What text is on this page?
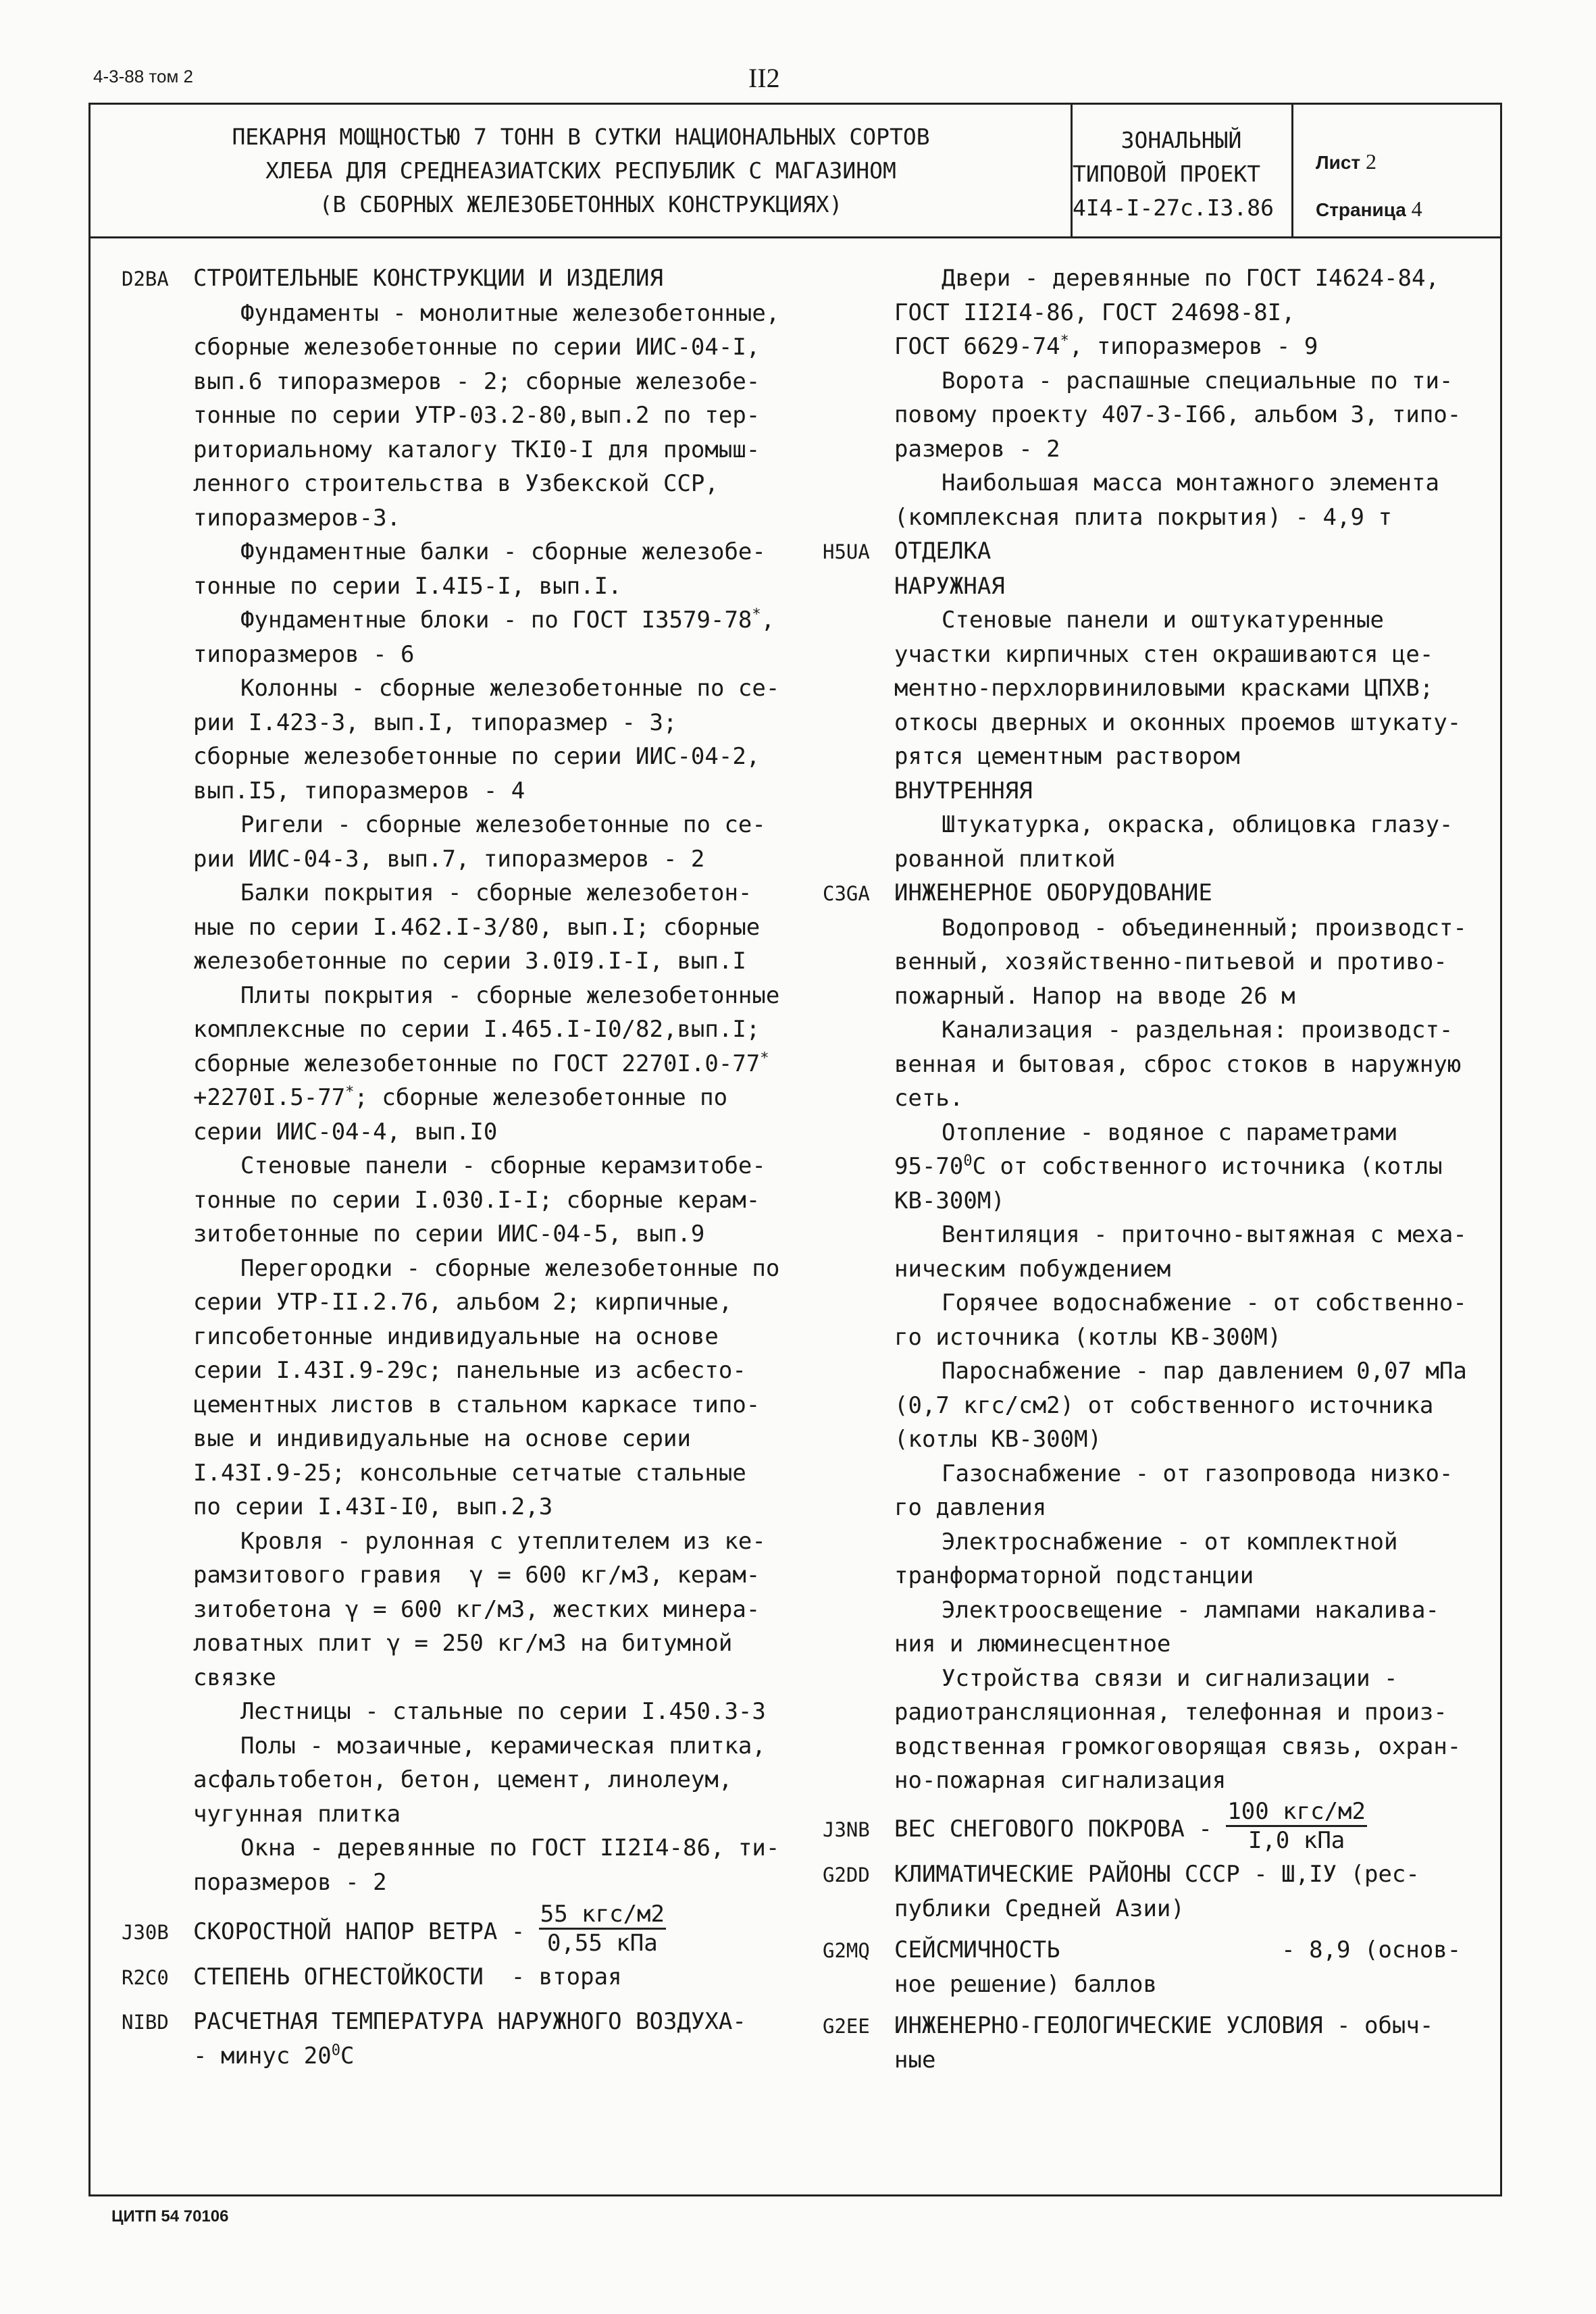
4-3-88 том 2	II2
ПЕКАРНЯ МОЩНОСТЬЮ 7 ТОНН В СУТКИ НАЦИОНАЛЬНЫХ СОРТОВ
ХЛЕБА ДЛЯ СРЕДНЕАЗИАТСКИХ РЕСПУБЛИК С МАГАЗИНОМ
(В СБОРНЫХ ЖЕЛЕЗОБЕТОННЫХ КОНСТРУКЦИЯХ)
ЗОНАЛЬНЫЙ
ТИПОВОЙ ПРОЕКТ
4I4-I-27с.I3.86
Лист 2
Страница 4
D2BA СТРОИТЕЛЬНЫЕ КОНСТРУКЦИИ И ИЗДЕЛИЯ
Фундаменты - монолитные железобетонные,
сборные железобетонные по серии ИИС-04-I,
вып.6 типоразмеров - 2; сборные железобе-
тонные по серии УТР-03.2-80,вып.2 по тер-
риториальному каталогу ТКI0-I для промыш-
ленного строительства в Узбекской ССР,
типоразмеров-3.
Фундаментные балки - сборные железобе-
тонные по серии I.4I5-I, вып.I.
Фундаментные блоки - по ГОСТ I3579-78*,
типоразмеров - 6
Колонны - сборные железобетонные по се-
рии I.423-3, вып.I, типоразмер - 3;
сборные железобетонные по серии ИИС-04-2,
вып.I5, типоразмеров - 4
Ригели - сборные железобетонные по се-
рии ИИС-04-3, вып.7, типоразмеров - 2
Балки покрытия - сборные железобетон-
ные по серии I.462.I-3/80, вып.I; сборные
железобетонные по серии 3.0I9.I-I, вып.I
Плиты покрытия - сборные железобетонные
комплексные по серии I.465.I-I0/82,вып.I;
сборные железобетонные по ГОСТ 2270I.0-77*
+2270I.5-77*; сборные железобетонные по
серии ИИС-04-4, вып.I0
Стеновые панели - сборные керамзитобе-
тонные по серии I.030.I-I; сборные керам-
зитобетонные по серии ИИС-04-5, вып.9
Перегородки - сборные железобетонные по
серии УТР-II.2.76, альбом 2; кирпичные,
гипсобетонные индивидуальные на основе
серии I.43I.9-29с; панельные из асбесто-
цементных листов в стальном каркасе типо-
вые и индивидуальные на основе серии
I.43I.9-25; консольные сетчатые стальные
по серии I.43I-I0, вып.2,3
Кровля - рулонная с утеплителем из ке-
рамзитового гравия  γ = 600 кг/м3, керам-
зитобетона γ = 600 кг/м3, жестких минера-
ловатных плит γ = 250 кг/м3 на битумной
связке
Лестницы - стальные по серии I.450.3-3
Полы - мозаичные, керамическая плитка,
асфальтобетон, бетон, цемент, линолеум,
чугунная плитка
Окна - деревянные по ГОСТ II2I4-86, ти-
поразмеров - 2
J30B СКОРОСТНОЙ НАПОР ВЕТРА - $\frac{\text{55 кгс/м2}}{\text{0,55 кПа}}$
R2C0 СТЕПЕНЬ ОГНЕСТОЙКОСТИ  - вторая
NIBD РАСЧЕТНАЯ ТЕМПЕРАТУРА НАРУЖНОГО ВОЗДУХА-
- минус $20^0С$
Двери - деревянные по ГОСТ I4624-84,
ГОСТ II2I4-86, ГОСТ 24698-8I,
ГОСТ 6629-74*, типоразмеров - 9
Ворота - распашные специальные по ти-
повому проекту 407-3-I66, альбом 3, типо-
размеров - 2
Наибольшая масса монтажного элемента
(комплексная плита покрытия) - 4,9 т
H5UA ОТДЕЛКА
НАРУЖНАЯ
Стеновые панели и оштукатуренные
участки кирпичных стен окрашиваются це-
ментно-перхлорвиниловыми красками ЦПХВ;
откосы дверных и оконных проемов штукату-
рятся цементным раствором
ВНУТРЕННЯЯ
Штукатурка, окраска, облицовка глазу-
рованной плиткой
C3GA ИНЖЕНЕРНОЕ ОБОРУДОВАНИЕ
Водопровод - объединенный; производст-
венный, хозяйственно-питьевой и противо-
пожарный. Напор на вводе 26 м
Канализация - раздельная: производст-
венная и бытовая, сброс стоков в наружную
сеть.
Отопление - водяное с параметрами
$95-70^0С$ от собственного источника (котлы
КВ-300М)
Вентиляция - приточно-вытяжная с меха-
ническим побуждением
Горячее водоснабжение - от собственно-
го источника (котлы КВ-300М)
Пароснабжение - пар давлением 0,07 мПа
(0,7 кгс/см2) от собственного источника
(котлы КВ-300М)
Газоснабжение - от газопровода низко-
го давления
Электроснабжение - от комплектной
транформаторной подстанции
Электроосвещение - лампами накалива-
ния и люминесцентное
Устройства связи и сигнализации -
радиотрансляционная, телефонная и произ-
водственная громкоговорящая связь, охран-
но-пожарная сигнализация
J3NB ВЕС СНЕГОВОГО ПОКРОВА - $\frac{\text{100 кгс/м2}}{\text{I,0 кПа}}$
G2DD КЛИМАТИЧЕСКИЕ РАЙОНЫ СССР - Ш,IУ (рес-
публики Средней Азии)
G2MQ СЕЙСМИЧНОСТЬ                - 8,9 (основ-
ное решение) баллов
G2EE ИНЖЕНЕРНО-ГЕОЛОГИЧЕСКИЕ УСЛОВИЯ - обыч-
ные
ЦИТП 54 70106
